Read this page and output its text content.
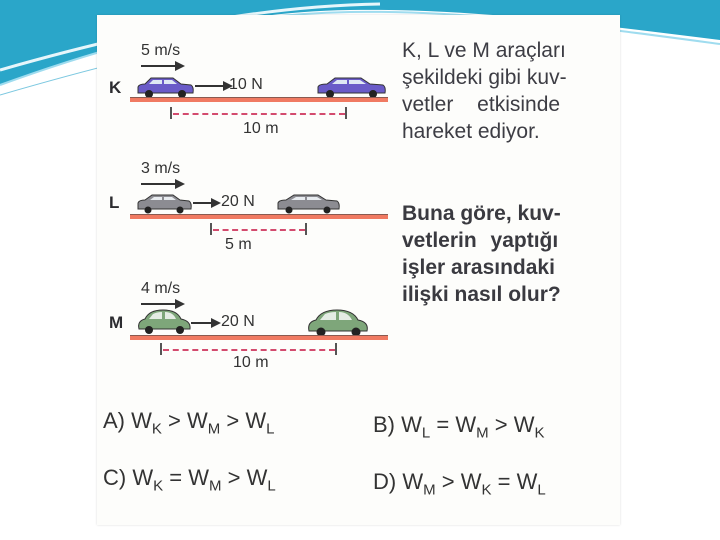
K, L ve M araçları
şekildeki gibi kuv-
vetler etkisinde
hareket ediyor.
Buna göre, kuv-
vetlerin yaptığı
işler arasındaki
ilişki nasıl olur?
K
5 m/s
10 N
10 m
L
3 m/s
20 N
5 m
M
4 m/s
20 N
10 m
A) $W_K > W_M > W_L$	B) $W_L = W_M > W_K$
C) $W_K = W_M > W_L$	D) $W_M > W_K = W_L$
